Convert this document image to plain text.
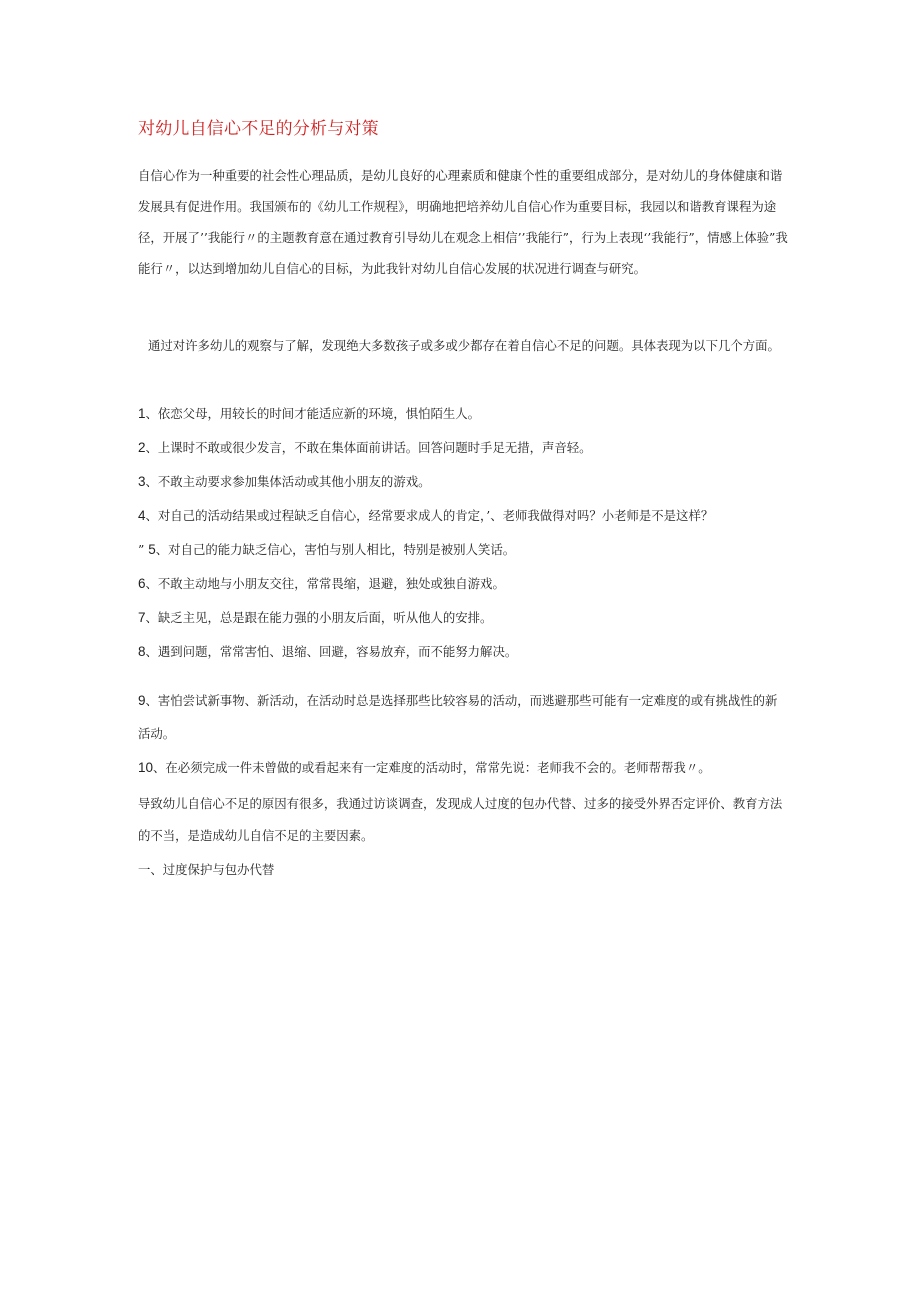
对幼儿自信心不足的分析与对策
自信心作为一种重要的社会性心理品质，是幼儿良好的心理素质和健康个性的重要组成部分，是对幼儿的身体健康和谐发展具有促进作用。我国颁布的《幼儿工作规程》，明确地把培养幼儿自信心作为重要目标，我园以和谐教育课程为途径，开展了’’我能行〃的主题教育意在通过教育引导幼儿在观念上相信’’我能行”，行为上表现‘’我能行”，情感上体验”我能行〃，以达到增加幼儿自信心的目标，为此我针对幼儿自信心发展的状况进行调查与研究。
通过对许多幼儿的观察与了解，发现绝大多数孩子或多或少都存在着自信心不足的问题。具体表现为以下几个方面。
1、依恋父母，用较长的时间才能适应新的环境，惧怕陌生人。
2、上课时不敢或很少发言，不敢在集体面前讲话。回答问题时手足无措，声音轻。
3、不敢主动要求参加集体活动或其他小朋友的游戏。
4、对自己的活动结果或过程缺乏自信心，经常要求成人的肯定，’、老师我做得对吗？小老师是不是这样？
” 5、对自己的能力缺乏信心，害怕与别人相比，特别是被别人笑话。
6、不敢主动地与小朋友交往，常常畏缩，退避，独处或独自游戏。
7、缺乏主见，总是跟在能力强的小朋友后面，听从他人的安排。
8、遇到问题，常常害怕、退缩、回避，容易放弃，而不能努力解决。
9、害怕尝试新事物、新活动，在活动时总是选择那些比较容易的活动，而逃避那些可能有一定难度的或有挑战性的新活动。
10、在必须完成一件未曾做的或看起来有一定难度的活动时，常常先说：老师我不会的。老师帮帮我〃。
导致幼儿自信心不足的原因有很多，我通过访谈调查，发现成人过度的包办代替、过多的接受外界否定评价、教育方法的不当，是造成幼儿自信不足的主要因素。
一、过度保护与包办代替
